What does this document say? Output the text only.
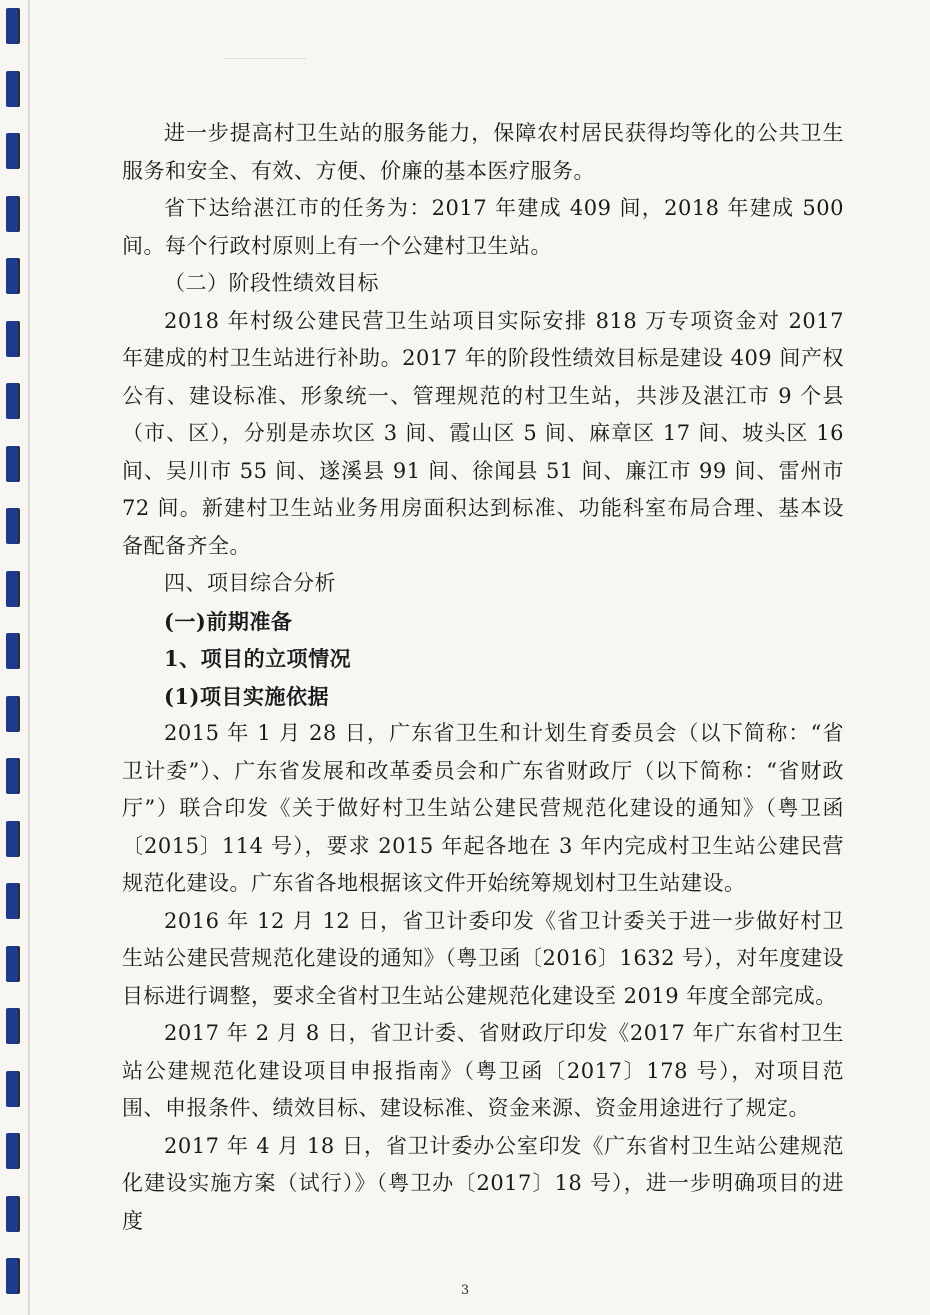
进一步提高村卫生站的服务能力，保障农村居民获得均等化的公共卫生服务和安全、有效、方便、价廉的基本医疗服务。

省下达给湛江市的任务为：2017 年建成 409 间，2018 年建成 500 间。每个行政村原则上有一个公建村卫生站。

（二）阶段性绩效目标

2018 年村级公建民营卫生站项目实际安排 818 万专项资金对 2017 年建成的村卫生站进行补助。2017 年的阶段性绩效目标是建设 409 间产权公有、建设标准、形象统一、管理规范的村卫生站，共涉及湛江市 9 个县（市、区），分别是赤坎区 3 间、霞山区 5 间、麻章区 17 间、坡头区 16 间、吴川市 55 间、遂溪县 91 间、徐闻县 51 间、廉江市 99 间、雷州市 72 间。新建村卫生站业务用房面积达到标准、功能科室布局合理、基本设备配备齐全。

四、项目综合分析

(一)前期准备

1、项目的立项情况

(1)项目实施依据

2015 年 1 月 28 日，广东省卫生和计划生育委员会（以下简称：“省卫计委”）、广东省发展和改革委员会和广东省财政厅（以下简称：“省财政厅”）联合印发《关于做好村卫生站公建民营规范化建设的通知》（粤卫函〔2015〕114 号），要求 2015 年起各地在 3 年内完成村卫生站公建民营规范化建设。广东省各地根据该文件开始统筹规划村卫生站建设。

2016 年 12 月 12 日，省卫计委印发《省卫计委关于进一步做好村卫生站公建民营规范化建设的通知》（粤卫函〔2016〕1632 号），对年度建设目标进行调整，要求全省村卫生站公建规范化建设至 2019 年度全部完成。

2017 年 2 月 8 日，省卫计委、省财政厅印发《2017 年广东省村卫生站公建规范化建设项目申报指南》（粤卫函〔2017〕178 号），对项目范围、申报条件、绩效目标、建设标准、资金来源、资金用途进行了规定。

2017 年 4 月 18 日，省卫计委办公室印发《广东省村卫生站公建规范化建设实施方案（试行）》（粤卫办〔2017〕18 号），进一步明确项目的进度

3
